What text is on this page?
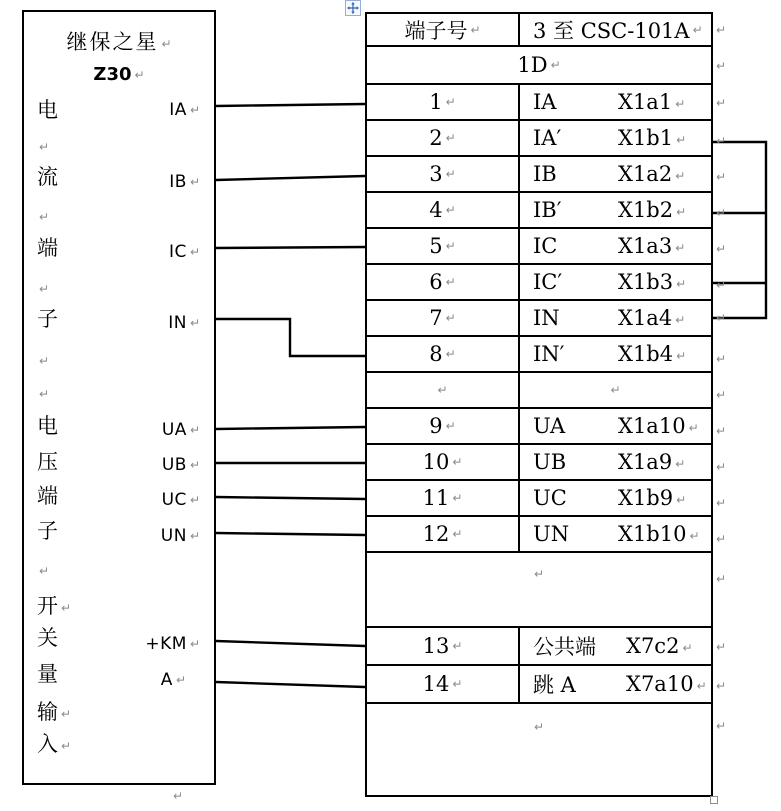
继保之星 ↵
Z30 ↵
电
↵
流
↵
端
↵
子
↵
↵
电
压
端
子
↵
开 ↵
关
量
输 ↵
入 ↵
IA ↵
IB ↵
IC ↵
IN ↵
UA ↵
UB ↵
UC ↵
UN ↵
+KM ↵
A ↵
↵
端子号 ↵ 3 至 CSC-101A ↵
1D ↵
1 ↵	IA	X1a1 ↵
2 ↵	IA′	X1b1 ↵
3 ↵	IB	X1a2 ↵
4 ↵	IB′	X1b2 ↵
5 ↵	IC	X1a3 ↵
6 ↵	IC′	X1b3 ↵
7 ↵	IN	X1a4 ↵
8 ↵	IN′	X1b4 ↵
↵	↵
9 ↵	UA	X1a10 ↵
10 ↵	UB X1a9 ↵
11 ↵	UC X1b9 ↵
12 ↵	UN X1b10 ↵
↵
13 ↵	公共端 X7c2 ↵
14 ↵	跳 A X7a10 ↵
↵
↵
↵
↵
↵
↵
↵
↵
↵
↵
↵
↵
↵
↵
↵
↵
↵
↵
↵
↵
